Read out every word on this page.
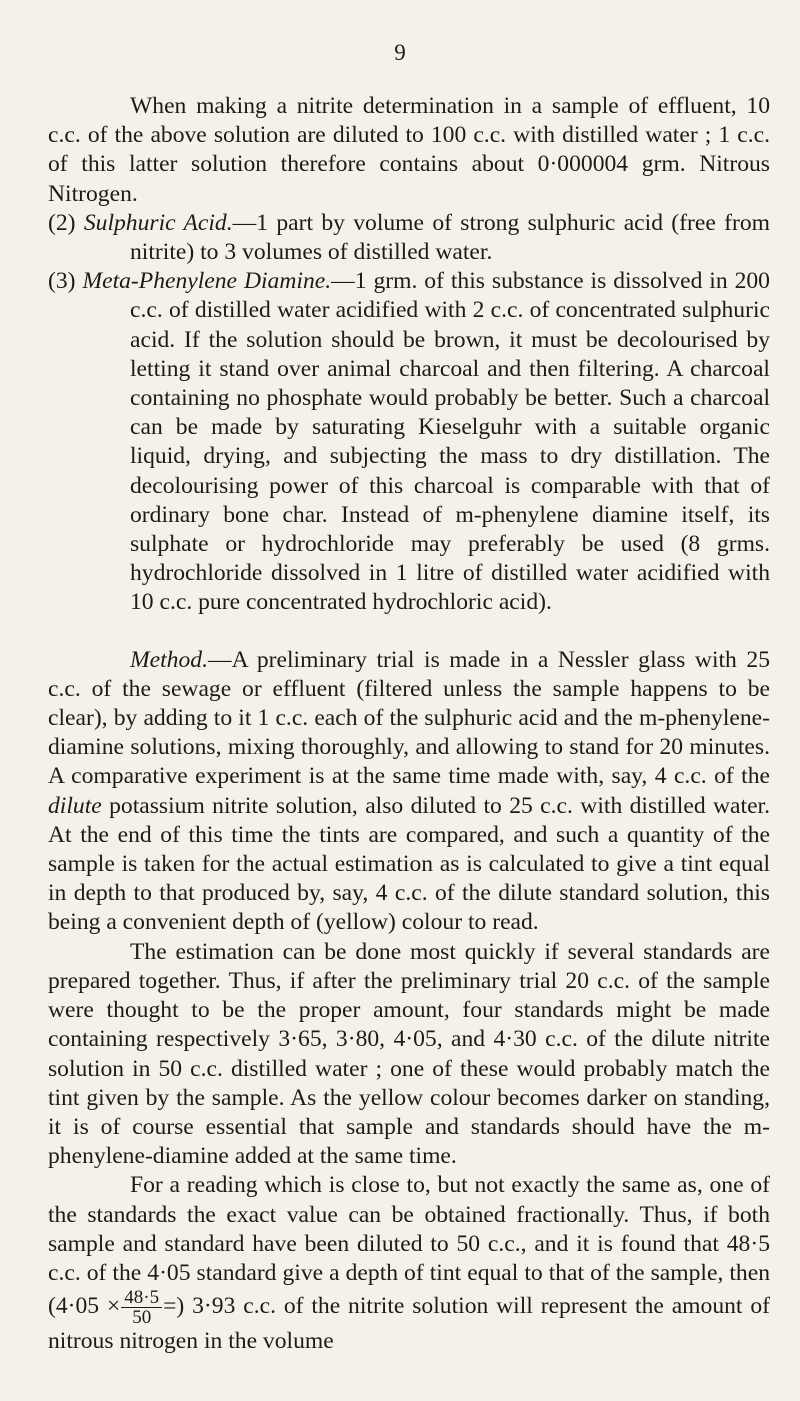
9

When making a nitrite determination in a sample of effluent, 10 c.c. of the above solution are diluted to 100 c.c. with distilled water ; 1 c.c. of this latter solution therefore contains about 0·000004 grm. Nitrous Nitrogen.

(2) Sulphuric Acid.—1 part by volume of strong sulphuric acid (free from nitrite) to 3 volumes of distilled water.

(3) Meta-Phenylene Diamine.—1 grm. of this substance is dissolved in 200 c.c. of distilled water acidified with 2 c.c. of concentrated sulphuric acid. If the solution should be brown, it must be decolourised by letting it stand over animal charcoal and then filtering. A charcoal containing no phosphate would probably be better. Such a charcoal can be made by saturating Kieselguhr with a suitable organic liquid, drying, and subjecting the mass to dry distillation. The decolourising power of this charcoal is comparable with that of ordinary bone char. Instead of m-phenylene diamine itself, its sulphate or hydrochloride may preferably be used (8 grms. hydrochloride dissolved in 1 litre of distilled water acidified with 10 c.c. pure concentrated hydrochloric acid).

Method.—A preliminary trial is made in a Nessler glass with 25 c.c. of the sewage or effluent (filtered unless the sample happens to be clear), by adding to it 1 c.c. each of the sulphuric acid and the m-phenylene-diamine solutions, mixing thoroughly, and allowing to stand for 20 minutes. A comparative experiment is at the same time made with, say, 4 c.c. of the dilute potassium nitrite solution, also diluted to 25 c.c. with distilled water. At the end of this time the tints are compared, and such a quantity of the sample is taken for the actual estimation as is calculated to give a tint equal in depth to that produced by, say, 4 c.c. of the dilute standard solution, this being a convenient depth of (yellow) colour to read.

The estimation can be done most quickly if several standards are prepared together. Thus, if after the preliminary trial 20 c.c. of the sample were thought to be the proper amount, four standards might be made containing respectively 3·65, 3·80, 4·05, and 4·30 c.c. of the dilute nitrite solution in 50 c.c. distilled water ; one of these would probably match the tint given by the sample. As the yellow colour becomes darker on standing, it is of course essential that sample and standards should have the m-phenylene-diamine added at the same time.

For a reading which is close to, but not exactly the same as, one of the standards the exact value can be obtained fractionally. Thus, if both sample and standard have been diluted to 50 c.c., and it is found that 48·5 c.c. of the 4·05 standard give a depth of tint equal to that of the sample, then ($4\cdot 05 \times \frac{48\cdot 5}{50}$ =) 3·93 c.c. of the nitrite solution will represent the amount of nitrous nitrogen in the volume
